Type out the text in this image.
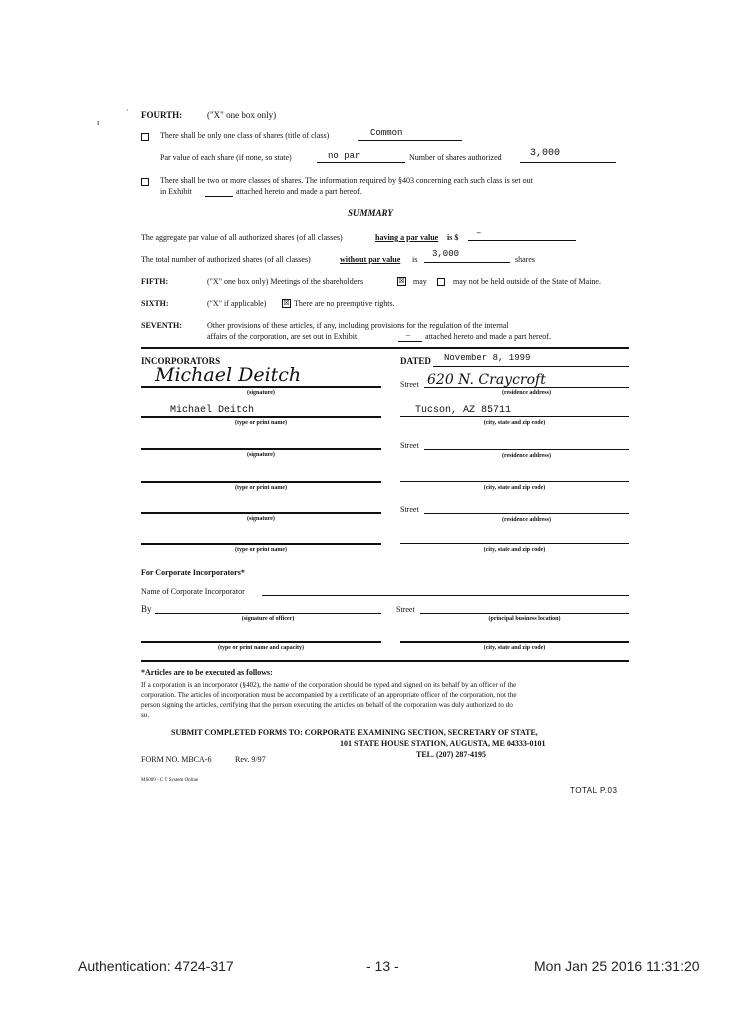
ı
· FOURTH:	("X" one box only)
There shall be only one class of shares (title of class)	Common
Par value of each share (if none, so state)	no par	Number of shares authorized	3,000
There shall be two or more classes of shares. The information required by §403 concerning each such class is set out
in Exhibit	attached hereto and made a part hereof.
SUMMARY
The aggregate par value of all authorized shares (of all classes)	having a par value is $ –
The total number of authorized shares (of all classes)	without par value is
3,000
shares
FIFTH:	("X" one box only) Meetings of the shareholders	☒ may	may not be held outside of the State of Maine.
SIXTH:	("X" if applicable) ☒ There are no preemptive rights.
SEVENTH:	Other provisions of these articles, if any, including provisions for the regulation of the internal
affairs of the corporation, are set out in Exhibit	– attached hereto and made a part hereof.
INCORPORATORS	DATED November 8, 1999
Michael Deitch
(signature)
Street 620 N. Craycroft
(residence address)
Michael Deitch
(type or print name)
Tucson, AZ 85711
(city, state and zip code)
(signature)
Street
(residence address)
(type or print name)	(city, state and zip code)
(signature)
Street
(residence address)
(type or print name)	(city, state and zip code)
For Corporate Incorporators*
Name of Corporate Incorporator
By
(signature of officer)
Street
(principal business location)
(type or print name and capacity)	(city, state and zip code)
*Articles are to be executed as follows:
If a corporation is an incorporator (§402), the name of the corporation should be typed and signed on its behalf by an officer of the
corporation. The articles of incorporation must be accompanied by a certificate of an appropriate officer of the corporation, not the
person signing the articles, certifying that the person executing the articles on behalf of the corporation was duly authorized to do
so.
SUBMIT COMPLETED FORMS TO: CORPORATE EXAMINING SECTION, SECRETARY OF STATE,
101 STATE HOUSE STATION, AUGUSTA, ME 04333-0101
TEL. (207) 287-4195
FORM NO. MBCA-6	Rev. 9/97
MS009 - C T System Online
TOTAL P.03
Authentication: 4724-317	- 13 -	Mon Jan 25 2016 11:31:20
